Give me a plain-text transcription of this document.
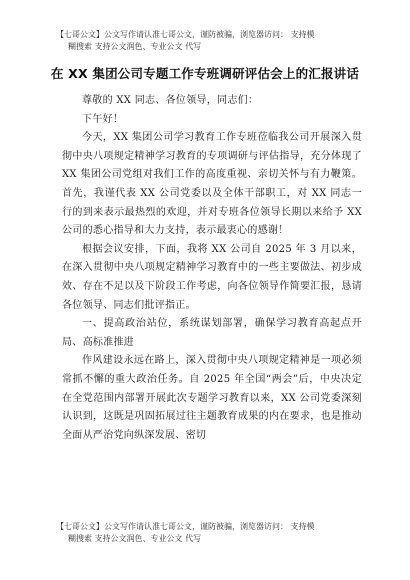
【七哥公文】公文写作请认准七哥公文，谨防被骗，浏览器访问： 支持模
糊搜索 支持公文润色、专业公文 代写
在 XX 集团公司专题工作专班调研评估会上的汇报讲话

尊敬的 XX 同志、各位领导，同志们：

下午好！

今天，XX 集团公司学习教育工作专班莅临我公司开展深入贯彻中央八项规定精神学习教育的专项调研与评估指导，充分体现了 XX 集团公司党组对我们工作的高度重视、亲切关怀与有力鞭策。首先，我谨代表 XX 公司党委以及全体干部职工，对 XX 同志一行的到来表示最热烈的欢迎，并对专班各位领导长期以来给予 XX 公司的悉心指导和大力支持，表示最衷心的感谢！

根据会议安排，下面，我将 XX 公司自 2025 年 3 月以来，在深入贯彻中央八项规定精神学习教育中的一些主要做法、初步成效、存在不足以及下阶段工作考虑，向各位领导作简要汇报，恳请各位领导、同志们批评指正。

一、提高政治站位，系统谋划部署，确保学习教育高起点开局、高标准推进

作风建设永远在路上，深入贯彻中央八项规定精神是一项必须常抓不懈的重大政治任务。自 2025 年全国“两会”后，中央决定在全党范围内部署开展此次专题学习教育以来，XX 公司党委深刻认识到，这既是巩固拓展过往主题教育成果的内在要求，也是推动全面从严治党向纵深发展、密切

【七哥公文】公文写作请认准七哥公文，谨防被骗，浏览器访问： 支持模
糊搜索 支持公文润色、专业公文 代写
